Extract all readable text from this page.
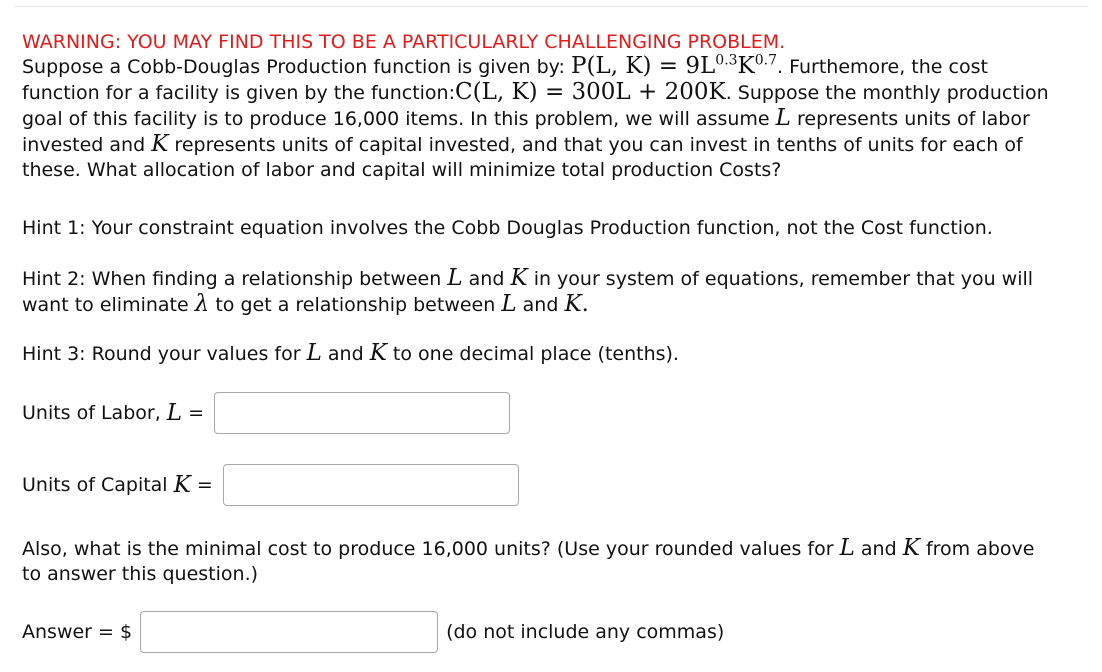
WARNING: YOU MAY FIND THIS TO BE A PARTICULARLY CHALLENGING PROBLEM.

Suppose a Cobb-Douglas Production function is given by: P(L, $K) = 9L^{0.3}K^{0.7}$. Furthemore, the cost

function for a facility is given by the function:C(L, K) = 300L + 200K. Suppose the monthly production

goal of this facility is to produce 16,000 items. In this problem, we will assume L represents units of labor

invested and K represents units of capital invested, and that you can invest in tenths of units for each of

these. What allocation of labor and capital will minimize total production Costs?

Hint 1: Your constraint equation involves the Cobb Douglas Production function, not the Cost function.

Hint 2: When finding a relationship between L and K in your system of equations, remember that you will
want to eliminate λ to get a relationship between L and K.
Hint 3: Round your values for L and K to one decimal place (tenths).
Units of Labor,
L
=

Units of Capital
K
=

Also, what is the minimal cost to produce 16,000 units? (Use your rounded values for L and K from above
to answer this question.)
Answer = $	(do not include any commas)
